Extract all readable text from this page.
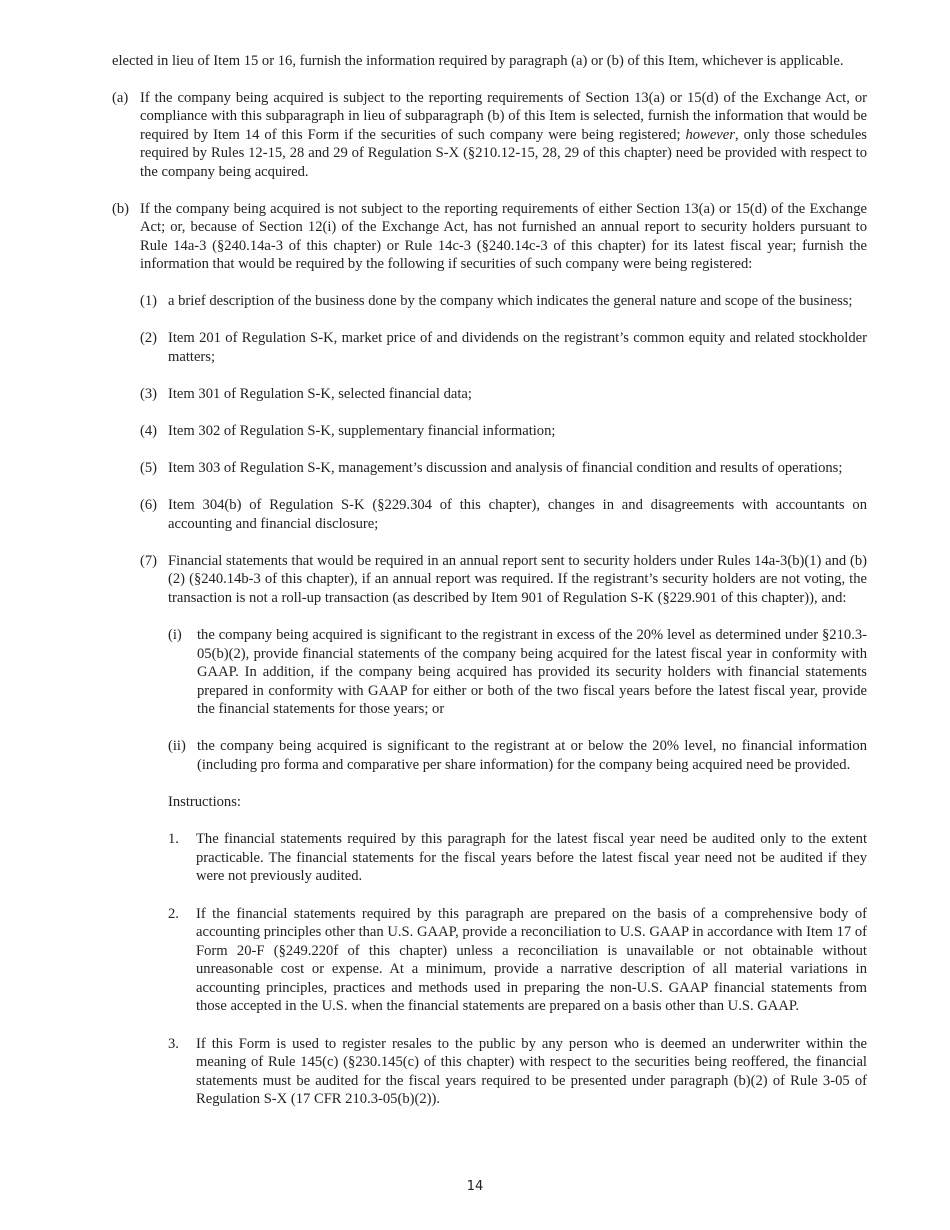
elected in lieu of Item 15 or 16, furnish the information required by paragraph (a) or (b) of this Item, whichever is applicable.

(a) If the company being acquired is subject to the reporting requirements of Section 13(a) or 15(d) of the Exchange Act, or compliance with this subparagraph in lieu of subparagraph (b) of this Item is selected, furnish the information that would be required by Item 14 of this Form if the securities of such company were being registered; however, only those schedules required by Rules 12-15, 28 and 29 of Regulation S-X (§210.12-15, 28, 29 of this chapter) need be provided with respect to the company being acquired.
(b) If the company being acquired is not subject to the reporting requirements of either Section 13(a) or 15(d) of the Exchange Act; or, because of Section 12(i) of the Exchange Act, has not furnished an annual report to security holders pursuant to Rule 14a-3 (§240.14a-3 of this chapter) or Rule 14c-3 (§240.14c-3 of this chapter) for its latest fiscal year; furnish the information that would be required by the following if securities of such company were being registered:
(1) a brief description of the business done by the company which indicates the general nature and scope of the business;
(2) Item 201 of Regulation S-K, market price of and dividends on the registrant’s common equity and related stockholder matters;
(3) Item 301 of Regulation S-K, selected financial data;
(4) Item 302 of Regulation S-K, supplementary financial information;
(5) Item 303 of Regulation S-K, management’s discussion and analysis of financial condition and results of operations;
(6) Item 304(b) of Regulation S-K (§229.304 of this chapter), changes in and disagreements with accountants on accounting and financial disclosure;
(7) Financial statements that would be required in an annual report sent to security holders under Rules 14a-3(b)(1) and (b)(2) (§240.14b-3 of this chapter), if an annual report was required. If the registrant’s security holders are not voting, the transaction is not a roll-up transaction (as described by Item 901 of Regulation S-K (§229.901 of this chapter)), and:
(i)	the company being acquired is significant to the registrant in excess of the 20% level as determined under §210.3-05(b)(2), provide financial statements of the company being acquired for the latest fiscal year in conformity with GAAP. In addition, if the company being acquired has provided its security holders with financial statements prepared in conformity with GAAP for either or both of the two fiscal years before the latest fiscal year, provide the financial statements for those years; or
(ii) the company being acquired is significant to the registrant at or below the 20% level, no financial information (including pro forma and comparative per share information) for the company being acquired need be provided.

Instructions:

1.	The financial statements required by this paragraph for the latest fiscal year need be audited only to the extent practicable. The financial statements for the fiscal years before the latest fiscal year need not be audited if they were not previously audited.
2.	If the financial statements required by this paragraph are prepared on the basis of a comprehensive body of accounting principles other than U.S. GAAP, provide a reconciliation to U.S. GAAP in accordance with Item 17 of Form 20-F (§249.220f of this chapter) unless a reconciliation is unavailable or not obtainable without unreasonable cost or expense. At a minimum, provide a narrative description of all material variations in accounting principles, practices and methods used in preparing the non-U.S. GAAP financial statements from those accepted in the U.S. when the financial statements are prepared on a basis other than U.S. GAAP.
3.	If this Form is used to register resales to the public by any person who is deemed an underwriter within the meaning of Rule 145(c) (§230.145(c) of this chapter) with respect to the securities being reoffered, the financial statements must be audited for the fiscal years required to be presented under paragraph (b)(2) of Rule 3-05 of Regulation S-X (17 CFR 210.3-05(b)(2)).
14
